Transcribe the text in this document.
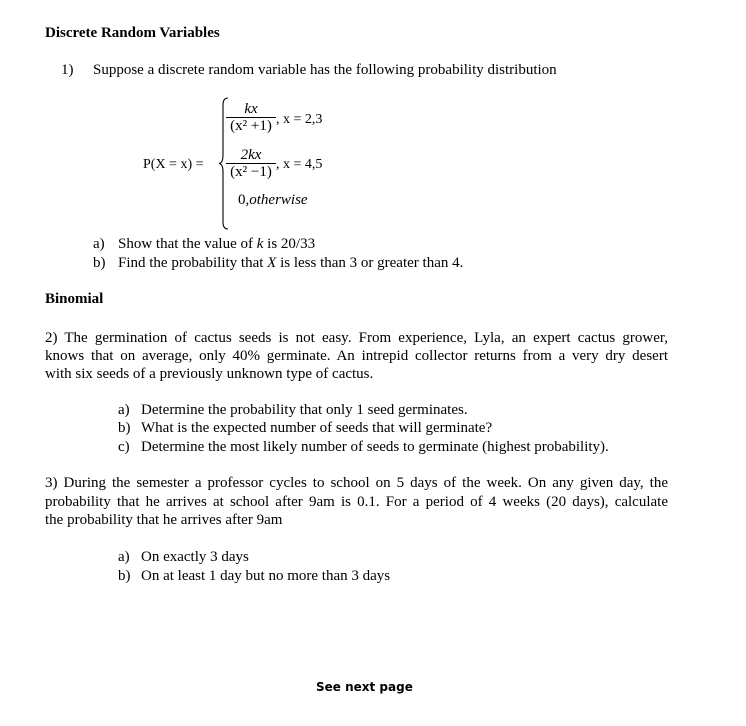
Discrete Random Variables
1) Suppose a discrete random variable has the following probability distribution
P(X = x) =
$\frac{kx}{\text{(x² +1)}}$ , x = 2,3
$\frac{2kx}{\text{(x² −1)}}$ , x = 4,5
0,otherwise
a) Show that the value of k is 20/33
b) Find the probability that X is less than 3 or greater than 4.
Binomial
2) The germination of cactus seeds is not easy. From experience, Lyla, an expert cactus grower,
knows that on average, only 40% germinate. An intrepid collector returns from a very dry desert
with six seeds of a previously unknown type of cactus.
a) Determine the probability that only 1 seed germinates.
b) What is the expected number of seeds that will germinate?
c) Determine the most likely number of seeds to germinate (highest probability).
3) During the semester a professor cycles to school on 5 days of the week. On any given day, the
probability that he arrives at school after 9am is 0.1. For a period of 4 weeks (20 days), calculate
the probability that he arrives after 9am
a) On exactly 3 days
b) On at least 1 day but no more than 3 days
See next page
